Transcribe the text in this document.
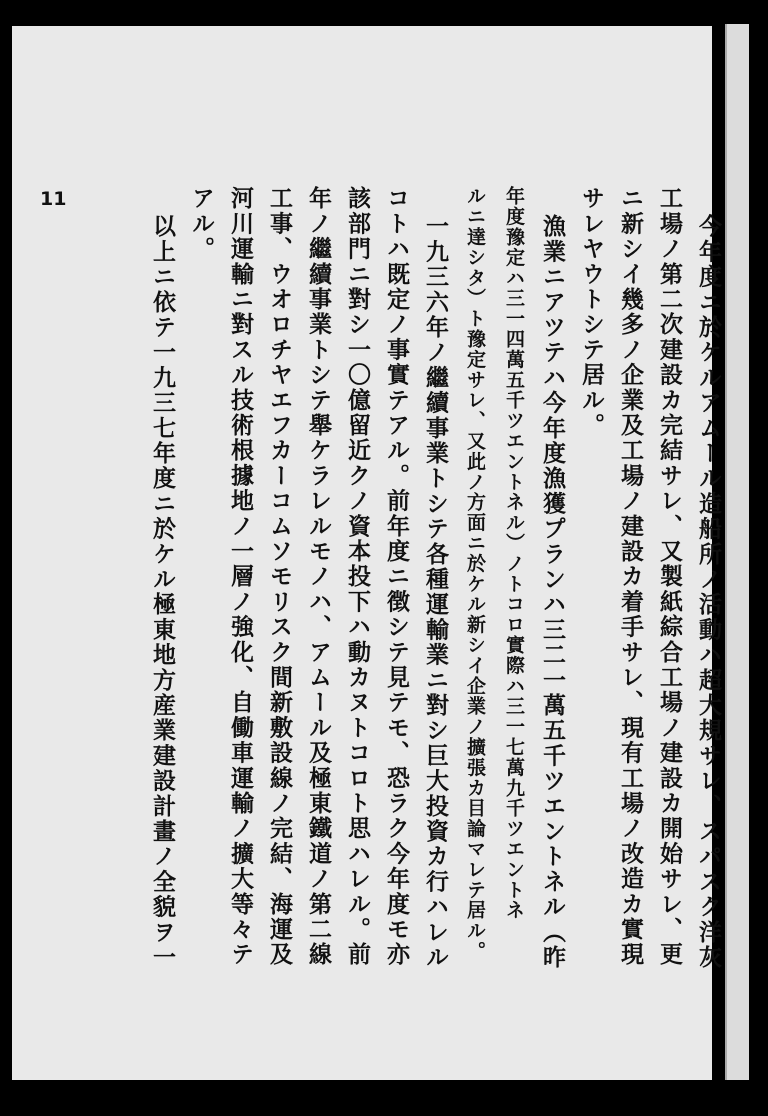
今年度ニ於ケルアムール造船所ノ活動ハ超大規サレ、スパスク洋灰
工場ノ第二次建設カ完結サレ、又製紙綜合工場ノ建設カ開始サレ、更
ニ新シイ幾多ノ企業及工場ノ建設カ着手サレ、現有工場ノ改造カ實現
サレヤウトシテ居ル。
漁業ニアツテハ今年度漁獲プランハ三二一萬五千ツエントネル（昨
年度豫定ハ三一四萬五千ツエントネル）ノトコロ實際ハ三一七萬九千ツエントネ
ルニ達シタ）ト豫定サレ、又此ノ方面ニ於ケル新シイ企業ノ擴張カ目論マレテ居ル。
一九三六年ノ繼續事業トシテ各種運輸業ニ對シ巨大投資カ行ハレル
コトハ既定ノ事實テアル。前年度ニ徴シテ見テモ、恐ラク今年度モ亦
該部門ニ對シ一〇億留近クノ資本投下ハ動カヌトコロト思ハレル。前
年ノ繼續事業トシテ舉ケラレルモノハ、アムール及極東鐵道ノ第二線
工事、ウオロチヤエフカーコムソモリスク間新敷設線ノ完結、海運及
河川運輸ニ對スル技術根據地ノ一層ノ強化、自働車運輸ノ擴大等々テ
アル。
以上ニ依テ一九三七年度ニ於ケル極東地方産業建設計畫ノ全貌ヲ一
11
